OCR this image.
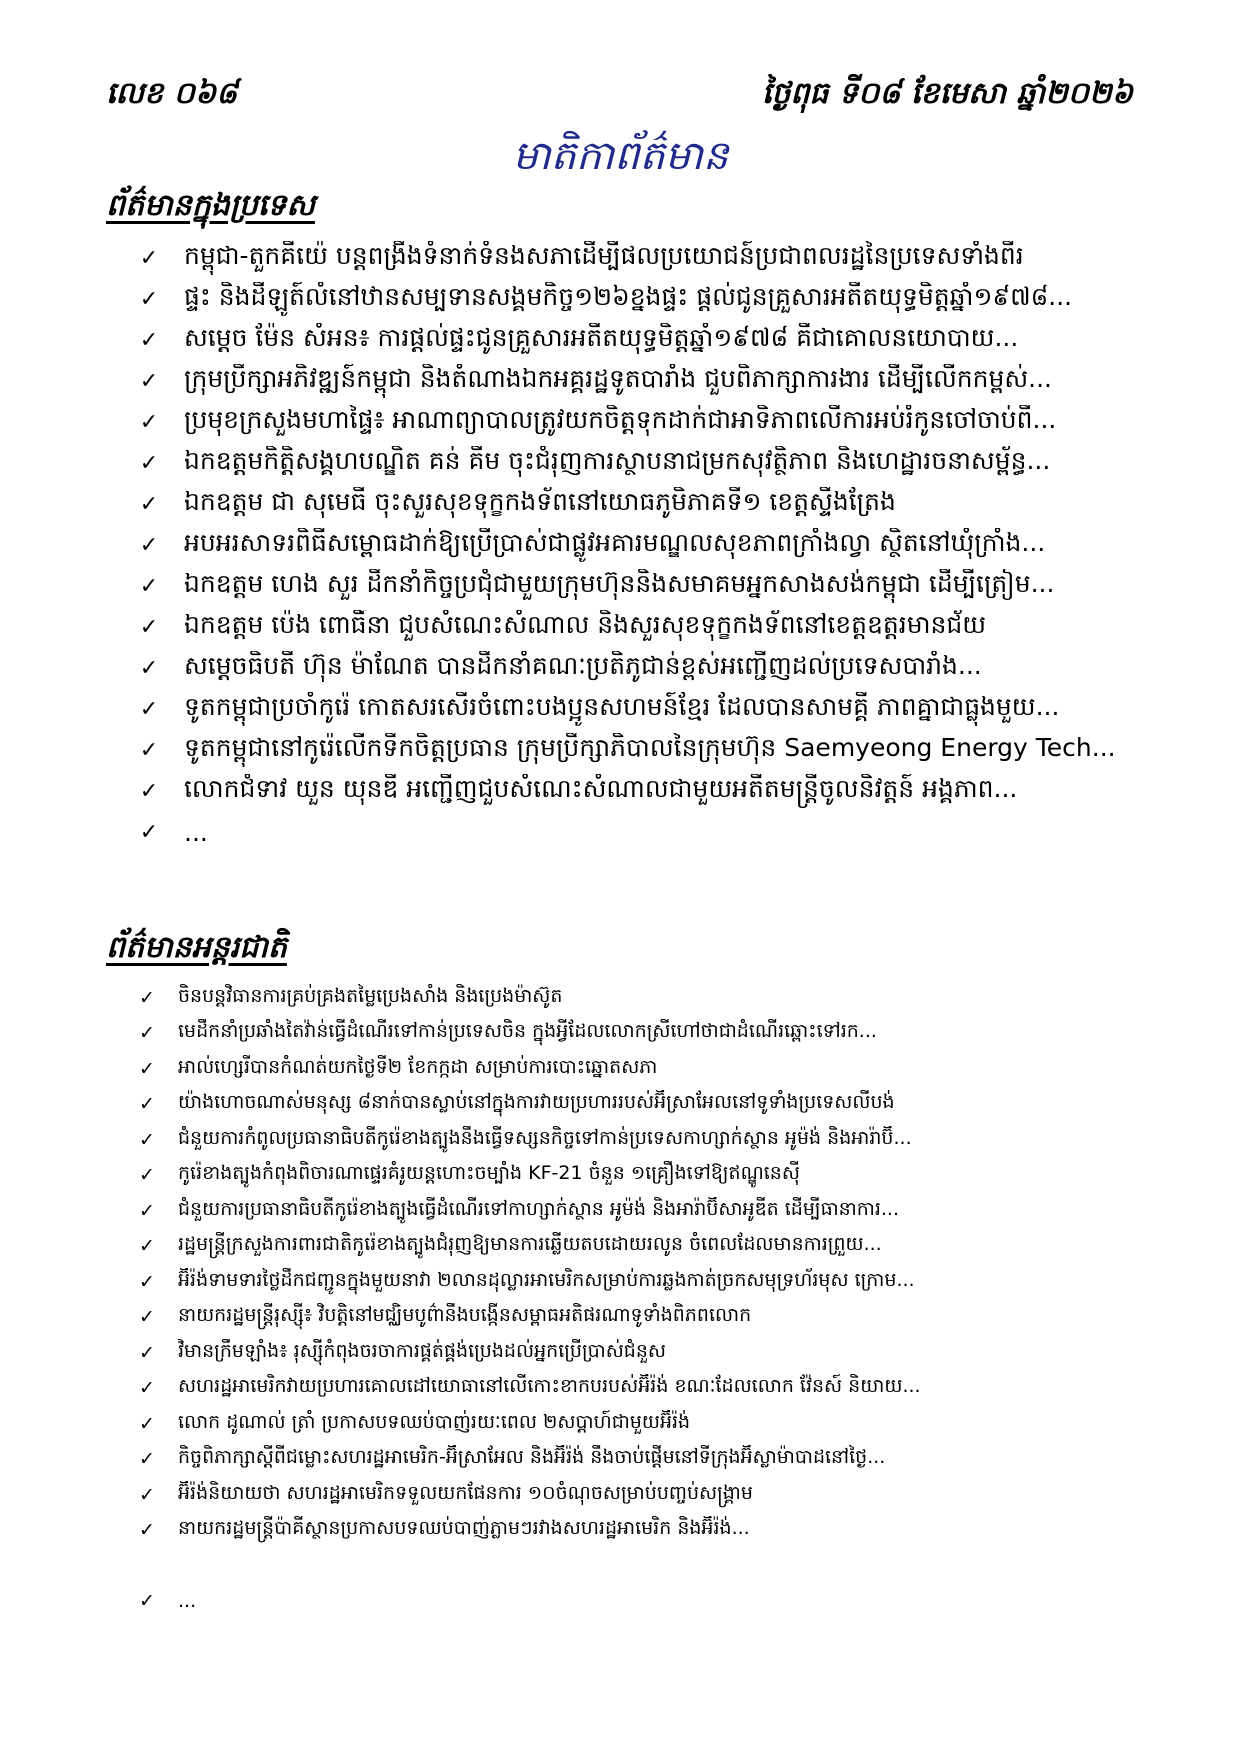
លេខ ០៦៨	ថ្ងៃពុធ ទី០៨ ខែមេសា ឆ្នាំ២០២៦
មាតិកាព័ត៌មាន
ព័ត៌មានក្នុងប្រទេស
✓ កម្ពុជា-តួកគីយ៉េ បន្តពង្រឹងទំនាក់ទំនងសភាដើម្បីផលប្រយោជន៍ប្រជាពលរដ្ឋនៃប្រទេសទាំងពីរ
✓ ផ្ទះ និងដីឡូត៍លំនៅឋានសម្បទានសង្គមកិច្ច១២៦ខ្នងផ្ទះ ផ្តល់ជូនគ្រួសារអតីតយុទ្ធមិត្តឆ្នាំ១៩៧៨...
✓ សម្តេច ម៉ែន សំអន៖ ការផ្តល់ផ្ទះជូនគ្រួសារអតីតយុទ្ធមិត្តឆ្នាំ១៩៧៨ គឺជាគោលនយោបាយ...
✓ ក្រុមប្រឹក្សាអភិវឌ្ឍន៍កម្ពុជា និងតំណាងឯកអគ្គរដ្ឋទូតបារាំង ជួបពិភាក្សាការងារ ដើម្បីលើកកម្ពស់...
✓ ប្រមុខក្រសួងមហាផ្ទៃ៖ អាណាព្យាបាលត្រូវយកចិត្តទុកដាក់ជាអាទិភាពលើការអប់រំកូនចៅចាប់ពី...
✓ ឯកឧត្តមកិត្តិសង្គហបណ្ឌិត គន់ គីម ចុះជំរុញការស្ថាបនាជម្រកសុវត្ថិភាព និងហេដ្ឋារចនាសម្ព័ន្ធ...
✓ ឯកឧត្តម ជា សុមេធី ចុះសួរសុខទុក្ខកងទ័ពនៅយោធភូមិភាគទី១ ខេត្តស្ទឹងត្រែង
✓ អបអរសាទរពិធីសម្ពោធដាក់ឱ្យប្រើប្រាស់ជាផ្លូវអគារមណ្ឌលសុខភាពក្រាំងល្វា ស្ថិតនៅឃុំក្រាំង...
✓ ឯកឧត្តម ហេង សួរ ដឹកនាំកិច្ចប្រជុំជាមួយក្រុមហ៊ុននិងសមាគមអ្នកសាងសង់កម្ពុជា ដើម្បីត្រៀម...
✓ ឯកឧត្តម ប៉េង ពោធិ៍នា ជួបសំណេះសំណាល និងសួរសុខទុក្ខកងទ័ពនៅខេត្តឧត្តរមានជ័យ
✓ សម្តេចធិបតី ហ៊ុន ម៉ាណែត បានដឹកនាំគណៈប្រតិភូជាន់ខ្ពស់អញ្ជើញដល់ប្រទេសបារាំង...
✓ ទូតកម្ពុជាប្រចាំកូរ៉េ កោតសរសើរចំពោះបងប្អូនសហមន៍ខ្មែរ ដែលបានសាមគ្គី ភាពគ្នាជាធ្លុងមួយ...
✓ ទូតកម្ពុជានៅកូរ៉េលើកទឹកចិត្តប្រធាន ក្រុមប្រឹក្សាភិបាលនៃក្រុមហ៊ុន Saemyeong Energy Tech...
✓ លោកជំទាវ យួន យុនឌី អញ្ជើញជួបសំណេះសំណាលជាមួយអតីតមន្ត្រីចូលនិវត្តន៍ អង្គភាព...
✓ ...
ព័ត៌មានអន្តរជាតិ
✓ ចិនបន្តវិធានការគ្រប់គ្រងតម្លៃប្រេងសាំង និងប្រេងម៉ាស៊ូត
✓ មេដឹកនាំប្រឆាំងតៃវ៉ាន់ធ្វើដំណើរទៅកាន់ប្រទេសចិន ក្នុងអ្វីដែលលោកស្រីហៅថាជាដំណើរឆ្ពោះទៅរក...
✓ អាល់ហ្សេរីបានកំណត់យកថ្ងៃទី២ ខែកក្កដា សម្រាប់ការបោះឆ្នោតសភា
✓ យ៉ាងហោចណាស់មនុស្ស ៨នាក់បានស្លាប់នៅក្នុងការវាយប្រហាររបស់អ៊ីស្រាអែលនៅទូទាំងប្រទេសលីបង់
✓ ជំនួយការកំពូលប្រធានាធិបតីកូរ៉េខាងត្បូងនឹងធ្វើទស្សនកិច្ចទៅកាន់ប្រទេសកាហ្សាក់ស្ថាន អូម៉ង់ និងអារ៉ាប៊ី...
✓ កូរ៉េខាងត្បូងកំពុងពិចារណាផ្ទេរគំរូយន្តហោះចម្បាំង KF-21 ចំនួន ១គ្រឿងទៅឱ្យឥណ្ឌូនេស៊ី
✓ ជំនួយការប្រធានាធិបតីកូរ៉េខាងត្បូងធ្វើដំណើរទៅកាហ្សាក់ស្ថាន អូម៉ង់ និងអារ៉ាប៊ីសាអូឌីត ដើម្បីធានាការ...
✓ រដ្ឋមន្ត្រីក្រសួងការពារជាតិកូរ៉េខាងត្បូងជំរុញឱ្យមានការឆ្លើយតបដោយរលូន ចំពេលដែលមានការព្រួយ...
✓ អ៊ីរ៉ង់ទាមទារថ្លៃដឹកជញ្ជូនក្នុងមួយនាវា ២លានដុល្លារអាមេរិកសម្រាប់ការឆ្លងកាត់ច្រកសមុទ្រហ័រមុស ក្រោម...
✓ នាយករដ្ឋមន្ត្រីរុស្ស៊ី៖ វិបត្តិនៅមជ្ឈិមបូព៌ានឹងបង្កើនសម្ពាធអតិផរណាទូទាំងពិភពលោក
✓ វិមានក្រឹមឡាំង៖ រុស្ស៊ីកំពុងចរចាការផ្គត់ផ្គង់ប្រេងដល់អ្នកប្រើប្រាស់ជំនួស
✓ សហរដ្ឋអាមេរិកវាយប្រហារគោលដៅយោធានៅលើកោះខាកបរបស់អ៊ីរ៉ង់ ខណៈដែលលោក វ៉ែនស៍ និយាយ...
✓ លោក ដូណាល់ ត្រាំ ប្រកាសបទឈប់បាញ់រយៈពេល ២សប្តាហ៍ជាមួយអ៊ីរ៉ង់
✓ កិច្ចពិភាក្សាស្តីពីជម្លោះសហរដ្ឋអាមេរិក-អ៊ីស្រាអែល និងអ៊ីរ៉ង់ នឹងចាប់ផ្តើមនៅទីក្រុងអ៊ីស្លាម៉ាបាដនៅថ្ងៃ...
✓ អ៊ីរ៉ង់និយាយថា សហរដ្ឋអាមេរិកទទួលយកផែនការ ១០ចំណុចសម្រាប់បញ្ចប់សង្គ្រាម
✓ នាយករដ្ឋមន្ត្រីប៉ាគីស្ថានប្រកាសបទឈប់បាញ់ភ្លាមៗរវាងសហរដ្ឋអាមេរិក និងអ៊ីរ៉ង់...
✓ ...
